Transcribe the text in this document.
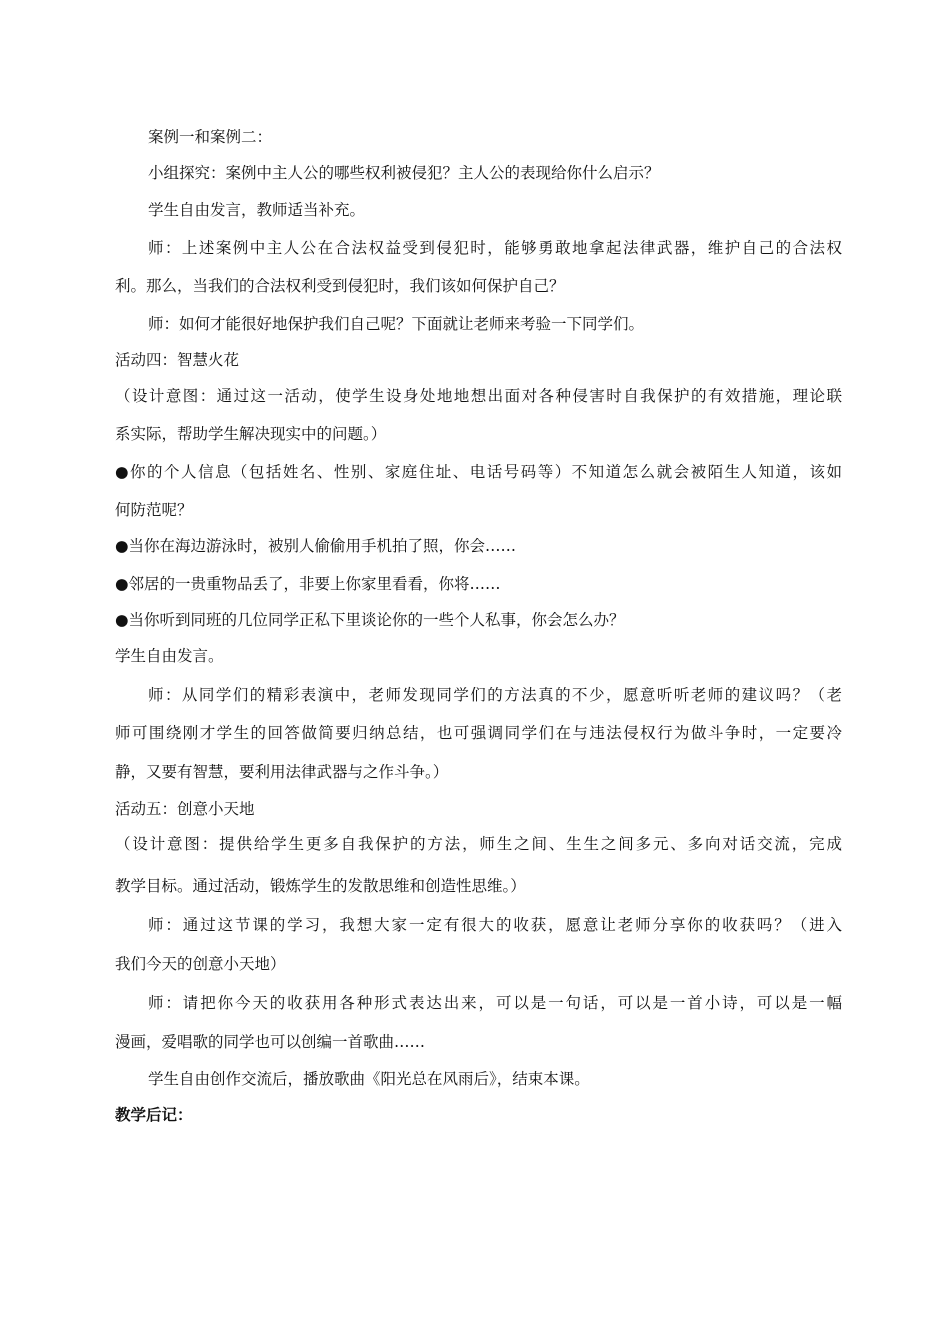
案例一和案例二：
小组探究：案例中主人公的哪些权利被侵犯？主人公的表现给你什么启示？
学生自由发言，教师适当补充。
师：上述案例中主人公在合法权益受到侵犯时，能够勇敢地拿起法律武器，维护自己的合法权
利。那么，当我们的合法权利受到侵犯时，我们该如何保护自己？
师：如何才能很好地保护我们自己呢？下面就让老师来考验一下同学们。
活动四：智慧火花
（设计意图：通过这一活动，使学生设身处地地想出面对各种侵害时自我保护的有效措施，理论联
系实际，帮助学生解决现实中的问题。）
●你的个人信息（包括姓名、性别、家庭住址、电话号码等）不知道怎么就会被陌生人知道，该如
何防范呢？
●当你在海边游泳时，被别人偷偷用手机拍了照，你会……
●邻居的一贵重物品丢了，非要上你家里看看，你将……
●当你听到同班的几位同学正私下里谈论你的一些个人私事，你会怎么办？
学生自由发言。
师：从同学们的精彩表演中，老师发现同学们的方法真的不少，愿意听听老师的建议吗？（老
师可围绕刚才学生的回答做简要归纳总结，也可强调同学们在与违法侵权行为做斗争时，一定要冷
静，又要有智慧，要利用法律武器与之作斗争。）
活动五：创意小天地
（设计意图：提供给学生更多自我保护的方法，师生之间、生生之间多元、多向对话交流，完成
教学目标。通过活动，锻炼学生的发散思维和创造性思维。）
师：通过这节课的学习，我想大家一定有很大的收获，愿意让老师分享你的收获吗？（进入
我们今天的创意小天地）
师：请把你今天的收获用各种形式表达出来，可以是一句话，可以是一首小诗，可以是一幅
漫画，爱唱歌的同学也可以创编一首歌曲……
学生自由创作交流后，播放歌曲《阳光总在风雨后》，结束本课。
教学后记：
